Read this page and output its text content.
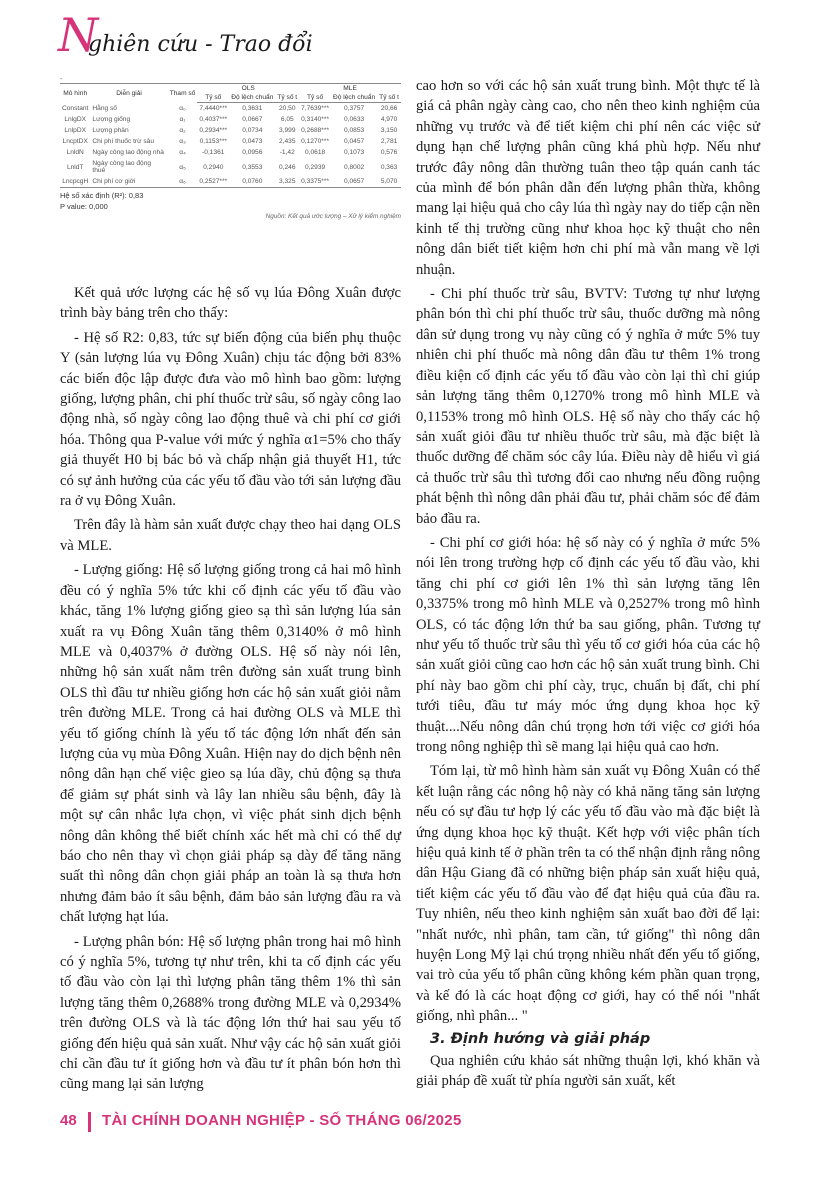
N
ghiên cứu - Trao đổi
-
Mô hình	Diễn giải	Tham số	OLS			MLE		
			Tỷ số	Độ lệch chuẩn	Tỷ số t	Tỷ số	Độ lệch chuẩn	Tỷ số t
Constant	Hằng số	α₀	7,4440***	0,3631	20,50	7,7639***	0,3757	20,66
LnlgDX	Lượng giống	α₁	0,4037***	0,0667	6,05	0,3140***	0,0633	4,970
LnlpDX	Lượng phân	α₂	0,2934***	0,0734	3,999	0,2688***	0,0853	3,150
LncptDX	Chi phí thuốc trừ sâu	α₃	0,1153***	0,0473	2,435	0,1270***	0,0457	2,781
LnldN	Ngày công lao động nhà	α₄	-0,1361	0,0956	-1,42	0,0618	0,1073	0,576
LnldT	Ngày công lao động thuê	α₅	0,2940	0,3553	0,246	0,2939	0,8002	0,363
LncpcgH	Chi phí cơ giới	α₆	0,2527***	0,0760	3,325	0,3375***	0,0657	5,070
Hệ số xác định (R²): 0,83
P value: 0,000
Nguồn: Kết quả ước lượng – Xử lý kiểm nghiệm

Kết quả ước lượng các hệ số vụ lúa Đông Xuân được trình bày bảng trên cho thấy:

- Hệ số R2: 0,83, tức sự biến động của biến phụ thuộc Y (sản lượng lúa vụ Đông Xuân) chịu tác động bởi 83% các biến độc lập được đưa vào mô hình bao gồm: lượng giống, lượng phân, chi phí thuốc trừ sâu, số ngày công lao động nhà, số ngày công lao động thuê và chi phí cơ giới hóa. Thông qua P-value với mức ý nghĩa α1=5% cho thấy giả thuyết H0 bị bác bỏ và chấp nhận giả thuyết H1, tức có sự ảnh hưởng của các yếu tố đầu vào tới sản lượng đầu ra ở vụ Đông Xuân.

Trên đây là hàm sản xuất được chạy theo hai dạng OLS và MLE.

- Lượng giống: Hệ số lượng giống trong cả hai mô hình đều có ý nghĩa 5% tức khi cố định các yếu tố đầu vào khác, tăng 1% lượng giống gieo sạ thì sản lượng lúa sản xuất ra vụ Đông Xuân tăng thêm 0,3140% ở mô hình MLE và 0,4037% ở đường OLS. Hệ số này nói lên, những hộ sản xuất nằm trên đường sản xuất trung bình OLS thì đầu tư nhiều giống hơn các hộ sản xuất giỏi nằm trên đường MLE. Trong cả hai đường OLS và MLE thì yếu tố giống chính là yếu tố tác động lớn nhất đến sản lượng của vụ mùa Đông Xuân. Hiện nay do dịch bệnh nên nông dân hạn chế việc gieo sạ lúa dầy, chủ động sạ thưa để giảm sự phát sinh và lây lan nhiều sâu bệnh, đây là một sự cân nhắc lựa chọn, vì việc phát sinh dịch bệnh nông dân không thể biết chính xác hết mà chỉ có thể dự báo cho nên thay vì chọn giải pháp sạ dày để tăng năng suất thì nông dân chọn giải pháp an toàn là sạ thưa hơn nhưng đảm bảo ít sâu bệnh, đảm bảo sản lượng đầu ra và chất lượng hạt lúa.

- Lượng phân bón: Hệ số lượng phân trong hai mô hình có ý nghĩa 5%, tương tự như trên, khi ta cố định các yếu tố đầu vào còn lại thì lượng phân tăng thêm 1% thì sản lượng tăng thêm 0,2688% trong đường MLE và 0,2934% trên đường OLS và là tác động lớn thứ hai sau yếu tố giống đến hiệu quả sản xuất. Như vậy các hộ sản xuất giỏi chỉ cần đầu tư ít giống hơn và đầu tư ít phân bón hơn thì cũng mang lại sản lượng

cao hơn so với các hộ sản xuất trung bình. Một thực tế là giá cả phân ngày càng cao, cho nên theo kinh nghiệm của những vụ trước và để tiết kiệm chi phí nên các việc sử dụng hạn chế lượng phân cũng khá phù hợp. Nếu như trước đây nông dân thường tuân theo tập quán canh tác của mình để bón phân dẫn đến lượng phân thừa, không mang lại hiệu quả cho cây lúa thì ngày nay do tiếp cận nền kinh tế thị trường cũng như khoa học kỹ thuật cho nên nông dân biết tiết kiệm hơn chi phí mà vẫn mang về lợi nhuận.

- Chi phí thuốc trừ sâu, BVTV: Tương tự như lượng phân bón thì chi phí thuốc trừ sâu, thuốc dưỡng mà nông dân sử dụng trong vụ này cũng có ý nghĩa ở mức 5% tuy nhiên chi phí thuốc mà nông dân đầu tư thêm 1% trong điều kiện cố định các yếu tố đầu vào còn lại thì chỉ giúp sản lượng tăng thêm 0,1270% trong mô hình MLE và 0,1153% trong mô hình OLS. Hệ số này cho thấy các hộ sản xuất giỏi đầu tư nhiều thuốc trừ sâu, mà đặc biệt là thuốc dưỡng để chăm sóc cây lúa. Điều này dễ hiểu vì giá cả thuốc trừ sâu thì tương đối cao nhưng nếu đồng ruộng phát bệnh thì nông dân phải đầu tư, phải chăm sóc để đảm bảo đầu ra.

- Chi phí cơ giới hóa: hệ số này có ý nghĩa ở mức 5% nói lên trong trường hợp cố định các yếu tố đầu vào, khi tăng chi phí cơ giới lên 1% thì sản lượng tăng lên 0,3375% trong mô hình MLE và 0,2527% trong mô hình OLS, có tác động lớn thứ ba sau giống, phân. Tương tự như yếu tố thuốc trừ sâu thì yếu tố cơ giới hóa của các hộ sản xuất giỏi cũng cao hơn các hộ sản xuất trung bình. Chi phí này bao gồm chi phí cày, trục, chuẩn bị đất, chi phí tưới tiêu, đầu tư máy móc ứng dụng khoa học kỹ thuật....Nếu nông dân chú trọng hơn tới việc cơ giới hóa trong nông nghiệp thì sẽ mang lại hiệu quả cao hơn.

Tóm lại, từ mô hình hàm sản xuất vụ Đông Xuân có thể kết luận rằng các nông hộ này có khả năng tăng sản lượng nếu có sự đầu tư hợp lý các yếu tố đầu vào mà đặc biệt là ứng dụng khoa học kỹ thuật. Kết hợp với việc phân tích hiệu quả kinh tế ở phần trên ta có thể nhận định rằng nông dân Hậu Giang đã có những biện pháp sản xuất hiệu quả, tiết kiệm các yếu tố đầu vào để đạt hiệu quả của đầu ra. Tuy nhiên, nếu theo kinh nghiệm sản xuất bao đời để lại: "nhất nước, nhì phân, tam cần, tứ giống" thì nông dân huyện Long Mỹ lại chú trọng nhiều nhất đến yếu tố giống, vai trò của yếu tố phân cũng không kém phần quan trọng, và kế đó là các hoạt động cơ giới, hay có thể nói "nhất giống, nhì phân... "

3. Định hướng và giải pháp

Qua nghiên cứu khảo sát những thuận lợi, khó khăn và giải pháp đề xuất từ phía người sản xuất, kết

48 TÀI CHÍNH DOANH NGHIỆP - SỐ THÁNG 06/2025
